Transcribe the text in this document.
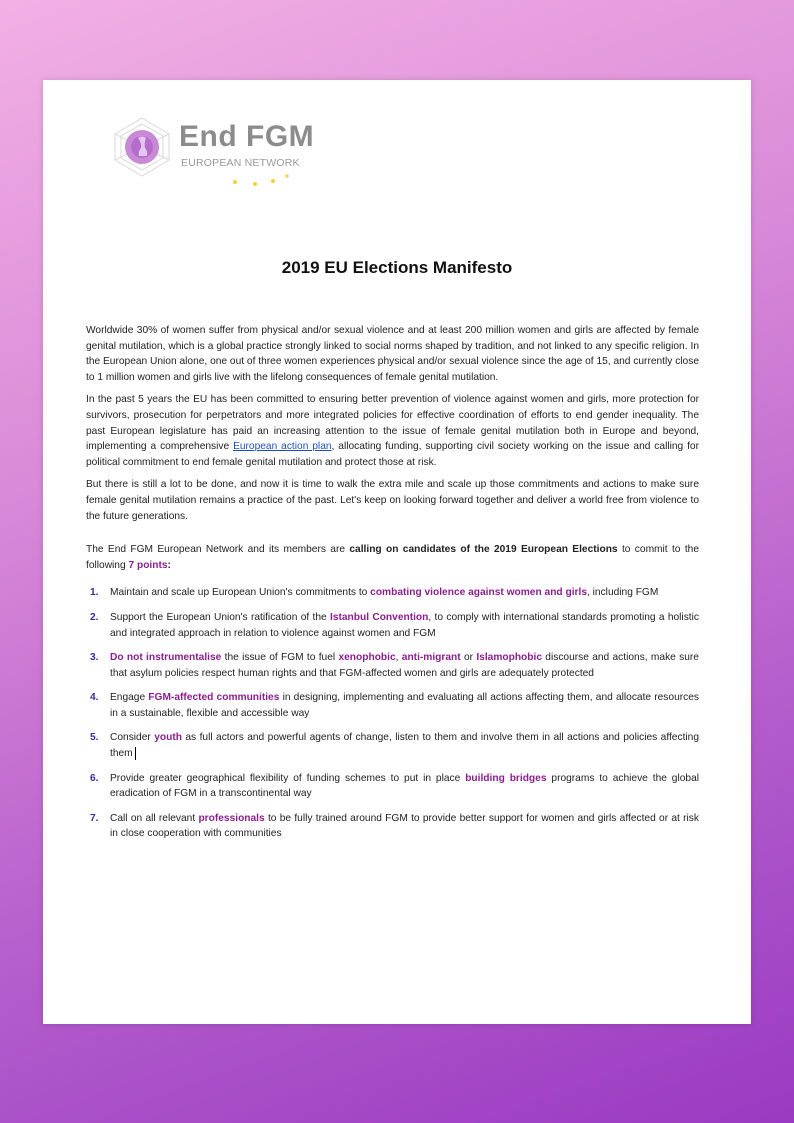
End FGM
EUROPEAN NETWORK
2019 EU Elections Manifesto

Worldwide 30% of women suffer from physical and/or sexual violence and at least 200 million women and girls are affected by female genital mutilation, which is a global practice strongly linked to social norms shaped by tradition, and not linked to any specific religion. In the European Union alone, one out of three women experiences physical and/or sexual violence since the age of 15, and currently close to 1 million women and girls live with the lifelong consequences of female genital mutilation.

In the past 5 years the EU has been committed to ensuring better prevention of violence against women and girls, more protection for survivors, prosecution for perpetrators and more integrated policies for effective coordination of efforts to end gender inequality. The past European legislature has paid an increasing attention to the issue of female genital mutilation both in Europe and beyond, implementing a comprehensive European action plan, allocating funding, supporting civil society working on the issue and calling for political commitment to end female genital mutilation and protect those at risk.

But there is still a lot to be done, and now it is time to walk the extra mile and scale up those commitments and actions to make sure female genital mutilation remains a practice of the past. Let's keep on looking forward together and deliver a world free from violence to the future generations.

The End FGM European Network and its members are calling on candidates of the 2019 European Elections to commit to the following 7 points:

1. Maintain and scale up European Union's commitments to combating violence against women and girls, including FGM
2. Support the European Union's ratification of the Istanbul Convention, to comply with international standards promoting a holistic and integrated approach in relation to violence against women and FGM
3. Do not instrumentalise the issue of FGM to fuel xenophobic, anti-migrant or Islamophobic discourse and actions, make sure that asylum policies respect human rights and that FGM-affected women and girls are adequately protected
4. Engage FGM-affected communities in designing, implementing and evaluating all actions affecting them, and allocate resources in a sustainable, flexible and accessible way
5. Consider youth as full actors and powerful agents of change, listen to them and involve them in all actions and policies affecting them
6. Provide greater geographical flexibility of funding schemes to put in place building bridges programs to achieve the global eradication of FGM in a transcontinental way
7. Call on all relevant professionals to be fully trained around FGM to provide better support for women and girls affected or at risk in close cooperation with communities
